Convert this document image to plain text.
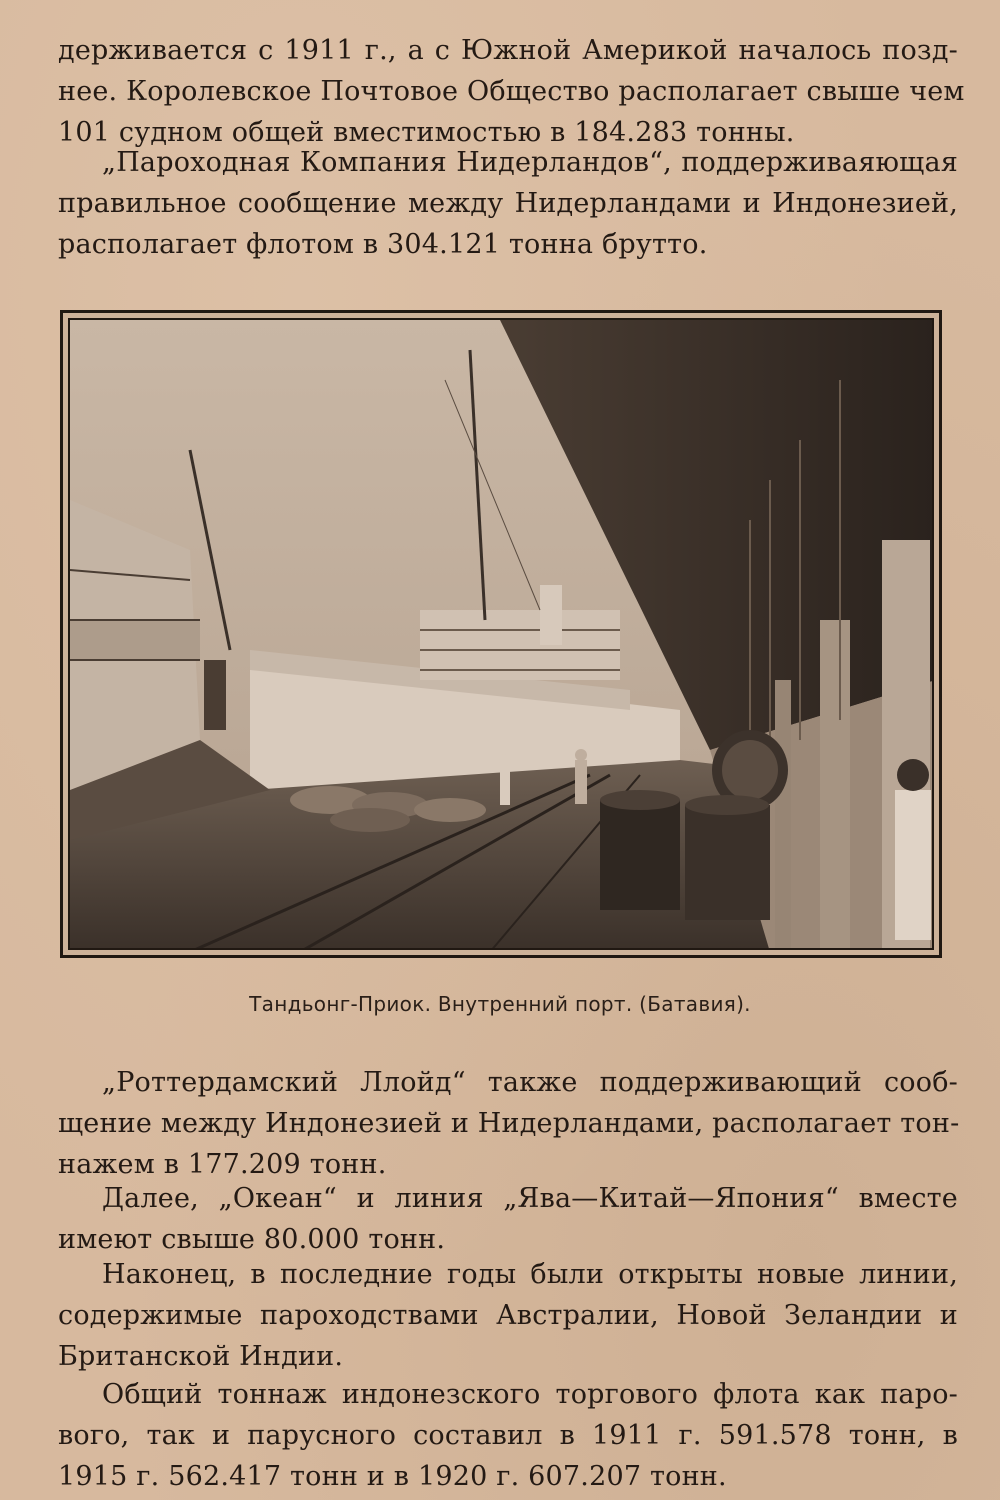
держивается с 1911 г., а с Южной Америкой началось позд-
нее. Королевское Почтовое Общество располагает свыше чем
101 судном общей вместимостью в 184.283 тонны.

„Пароходная Компания Нидерландов“, поддерживаяющая
правильное сообщение между Нидерландами и Индонезией,
располагает флотом в 304.121 тонна брутто.

Тандьонг-Приок. Внутренний порт. (Батавия).

„Роттердамский Ллойд“ также поддерживающий сооб-
щение между Индонезией и Нидерландами, располагает тон-
нажем в 177.209 тонн.

Далее, „Океан“ и линия „Ява—Китай—Япония“ вместе
имеют свыше 80.000 тонн.

Наконец, в последние годы были открыты новые линии,
содержимые пароходствами Австралии, Новой Зеландии и
Британской Индии.

Общий тоннаж индонезского торгового флота как паро-
вого, так и парусного составил в 1911 г. 591.578 тонн, в
1915 г. 562.417 тонн и в 1920 г. 607.207 тонн.
